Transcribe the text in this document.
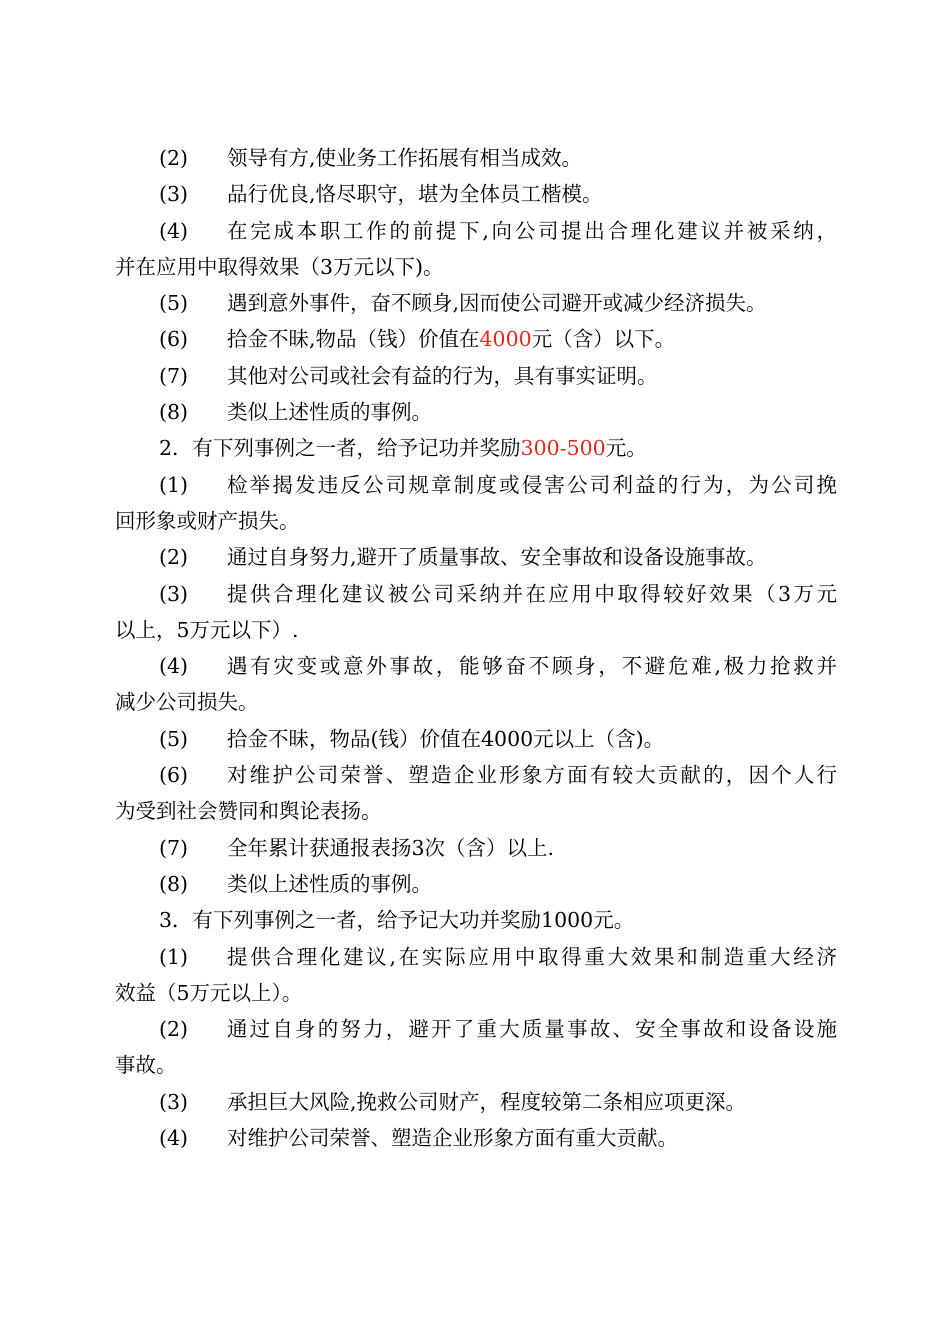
(2) 领导有方,使业务工作拓展有相当成效。
(3) 品行优良,恪尽职守，堪为全体员工楷模。
(4) 在完成本职工作的前提下,向公司提出合理化建议并被采纳，
并在应用中取得效果（3万元以下)。
(5) 遇到意外事件，奋不顾身,因而使公司避开或减少经济损失。
(6) 拾金不昧,物品（钱）价值在4000元（含）以下。
(7) 其他对公司或社会有益的行为，具有事实证明。
(8) 类似上述性质的事例。
2．有下列事例之一者，给予记功并奖励300-500元。
(1) 检举揭发违反公司规章制度或侵害公司利益的行为，为公司挽
回形象或财产损失。
(2) 通过自身努力,避开了质量事故、安全事故和设备设施事故。
(3) 提供合理化建议被公司采纳并在应用中取得较好效果（3万元
以上，5万元以下）.
(4) 遇有灾变或意外事故，能够奋不顾身，不避危难,极力抢救并
减少公司损失。
(5) 拾金不昧，物品(钱）价值在4000元以上（含)。
(6) 对维护公司荣誉、塑造企业形象方面有较大贡献的，因个人行
为受到社会赞同和舆论表扬。
(7) 全年累计获通报表扬3次（含）以上.
(8) 类似上述性质的事例。
3．有下列事例之一者，给予记大功并奖励1000元。
(1) 提供合理化建议,在实际应用中取得重大效果和制造重大经济
效益（5万元以上）。
(2) 通过自身的努力，避开了重大质量事故、安全事故和设备设施
事故。
(3) 承担巨大风险,挽救公司财产，程度较第二条相应项更深。
(4) 对维护公司荣誉、塑造企业形象方面有重大贡献。
